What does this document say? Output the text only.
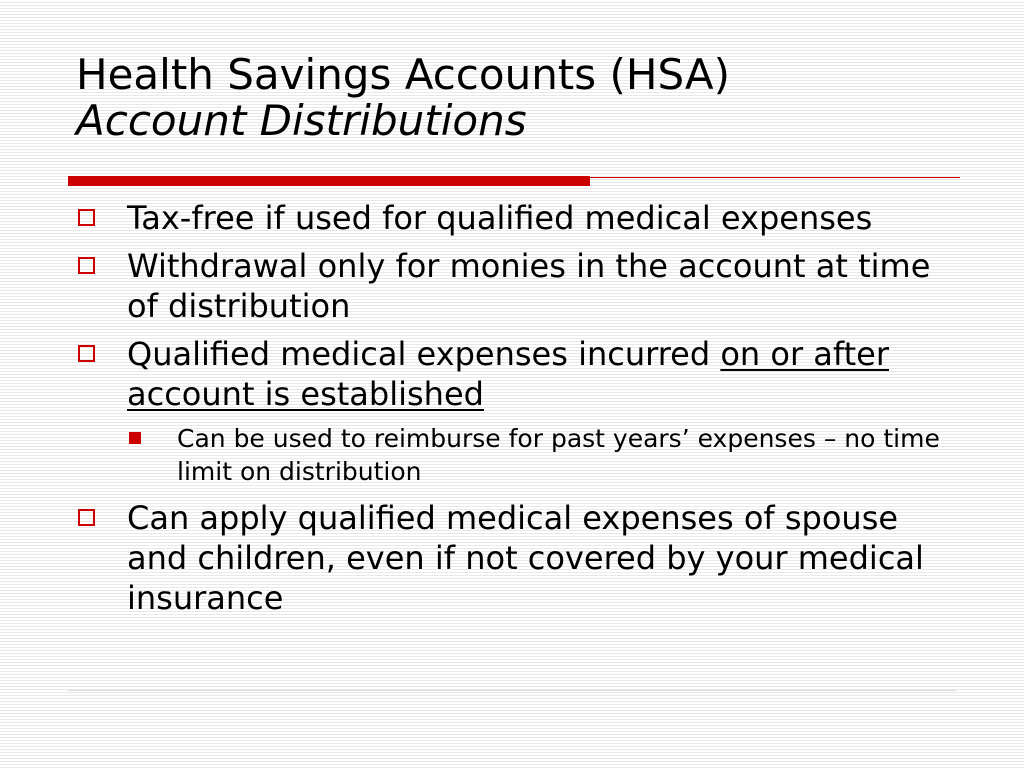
Health Savings Accounts (HSA)
Account Distributions
Tax-free if used for qualified medical expenses
Withdrawal only for monies in the account at time of distribution
Qualified medical expenses incurred on or after account is established
Can be used to reimburse for past years’ expenses – no time limit on distribution
Can apply qualified medical expenses of spouse and children, even if not covered by your medical insurance
